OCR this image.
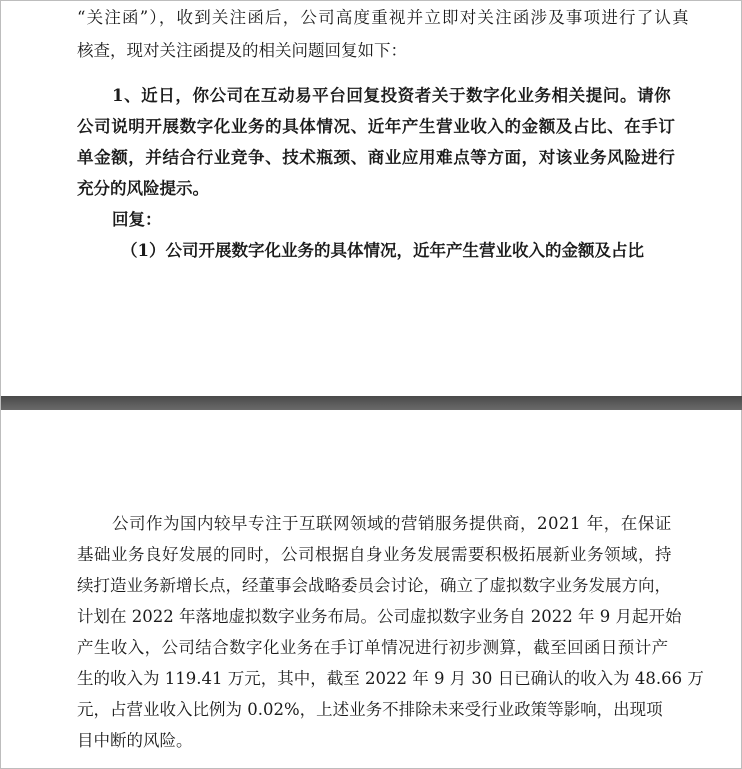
“关注函”），收到关注函后，公司高度重视并立即对关注函涉及事项进行了认真

核查，现对关注函提及的相关问题回复如下：

1、近日，你公司在互动易平台回复投资者关于数字化业务相关提问。请你

公司说明开展数字化业务的具体情况、近年产生营业收入的金额及占比、在手订

单金额，并结合行业竞争、技术瓶颈、商业应用难点等方面，对该业务风险进行

充分的风险提示。

回复：

（1）公司开展数字化业务的具体情况，近年产生营业收入的金额及占比

公司作为国内较早专注于互联网领域的营销服务提供商，2021 年，在保证

基础业务良好发展的同时，公司根据自身业务发展需要积极拓展新业务领域，持

续打造业务新增长点，经董事会战略委员会讨论，确立了虚拟数字业务发展方向，

计划在 2022 年落地虚拟数字业务布局。公司虚拟数字业务自 2022 年 9 月起开始

产生收入，公司结合数字化业务在手订单情况进行初步测算，截至回函日预计产

生的收入为 119.41 万元，其中，截至 2022 年 9 月 30 日已确认的收入为 48.66 万

元，占营业收入比例为 0.02%，上述业务不排除未来受行业政策等影响，出现项

目中断的风险。
